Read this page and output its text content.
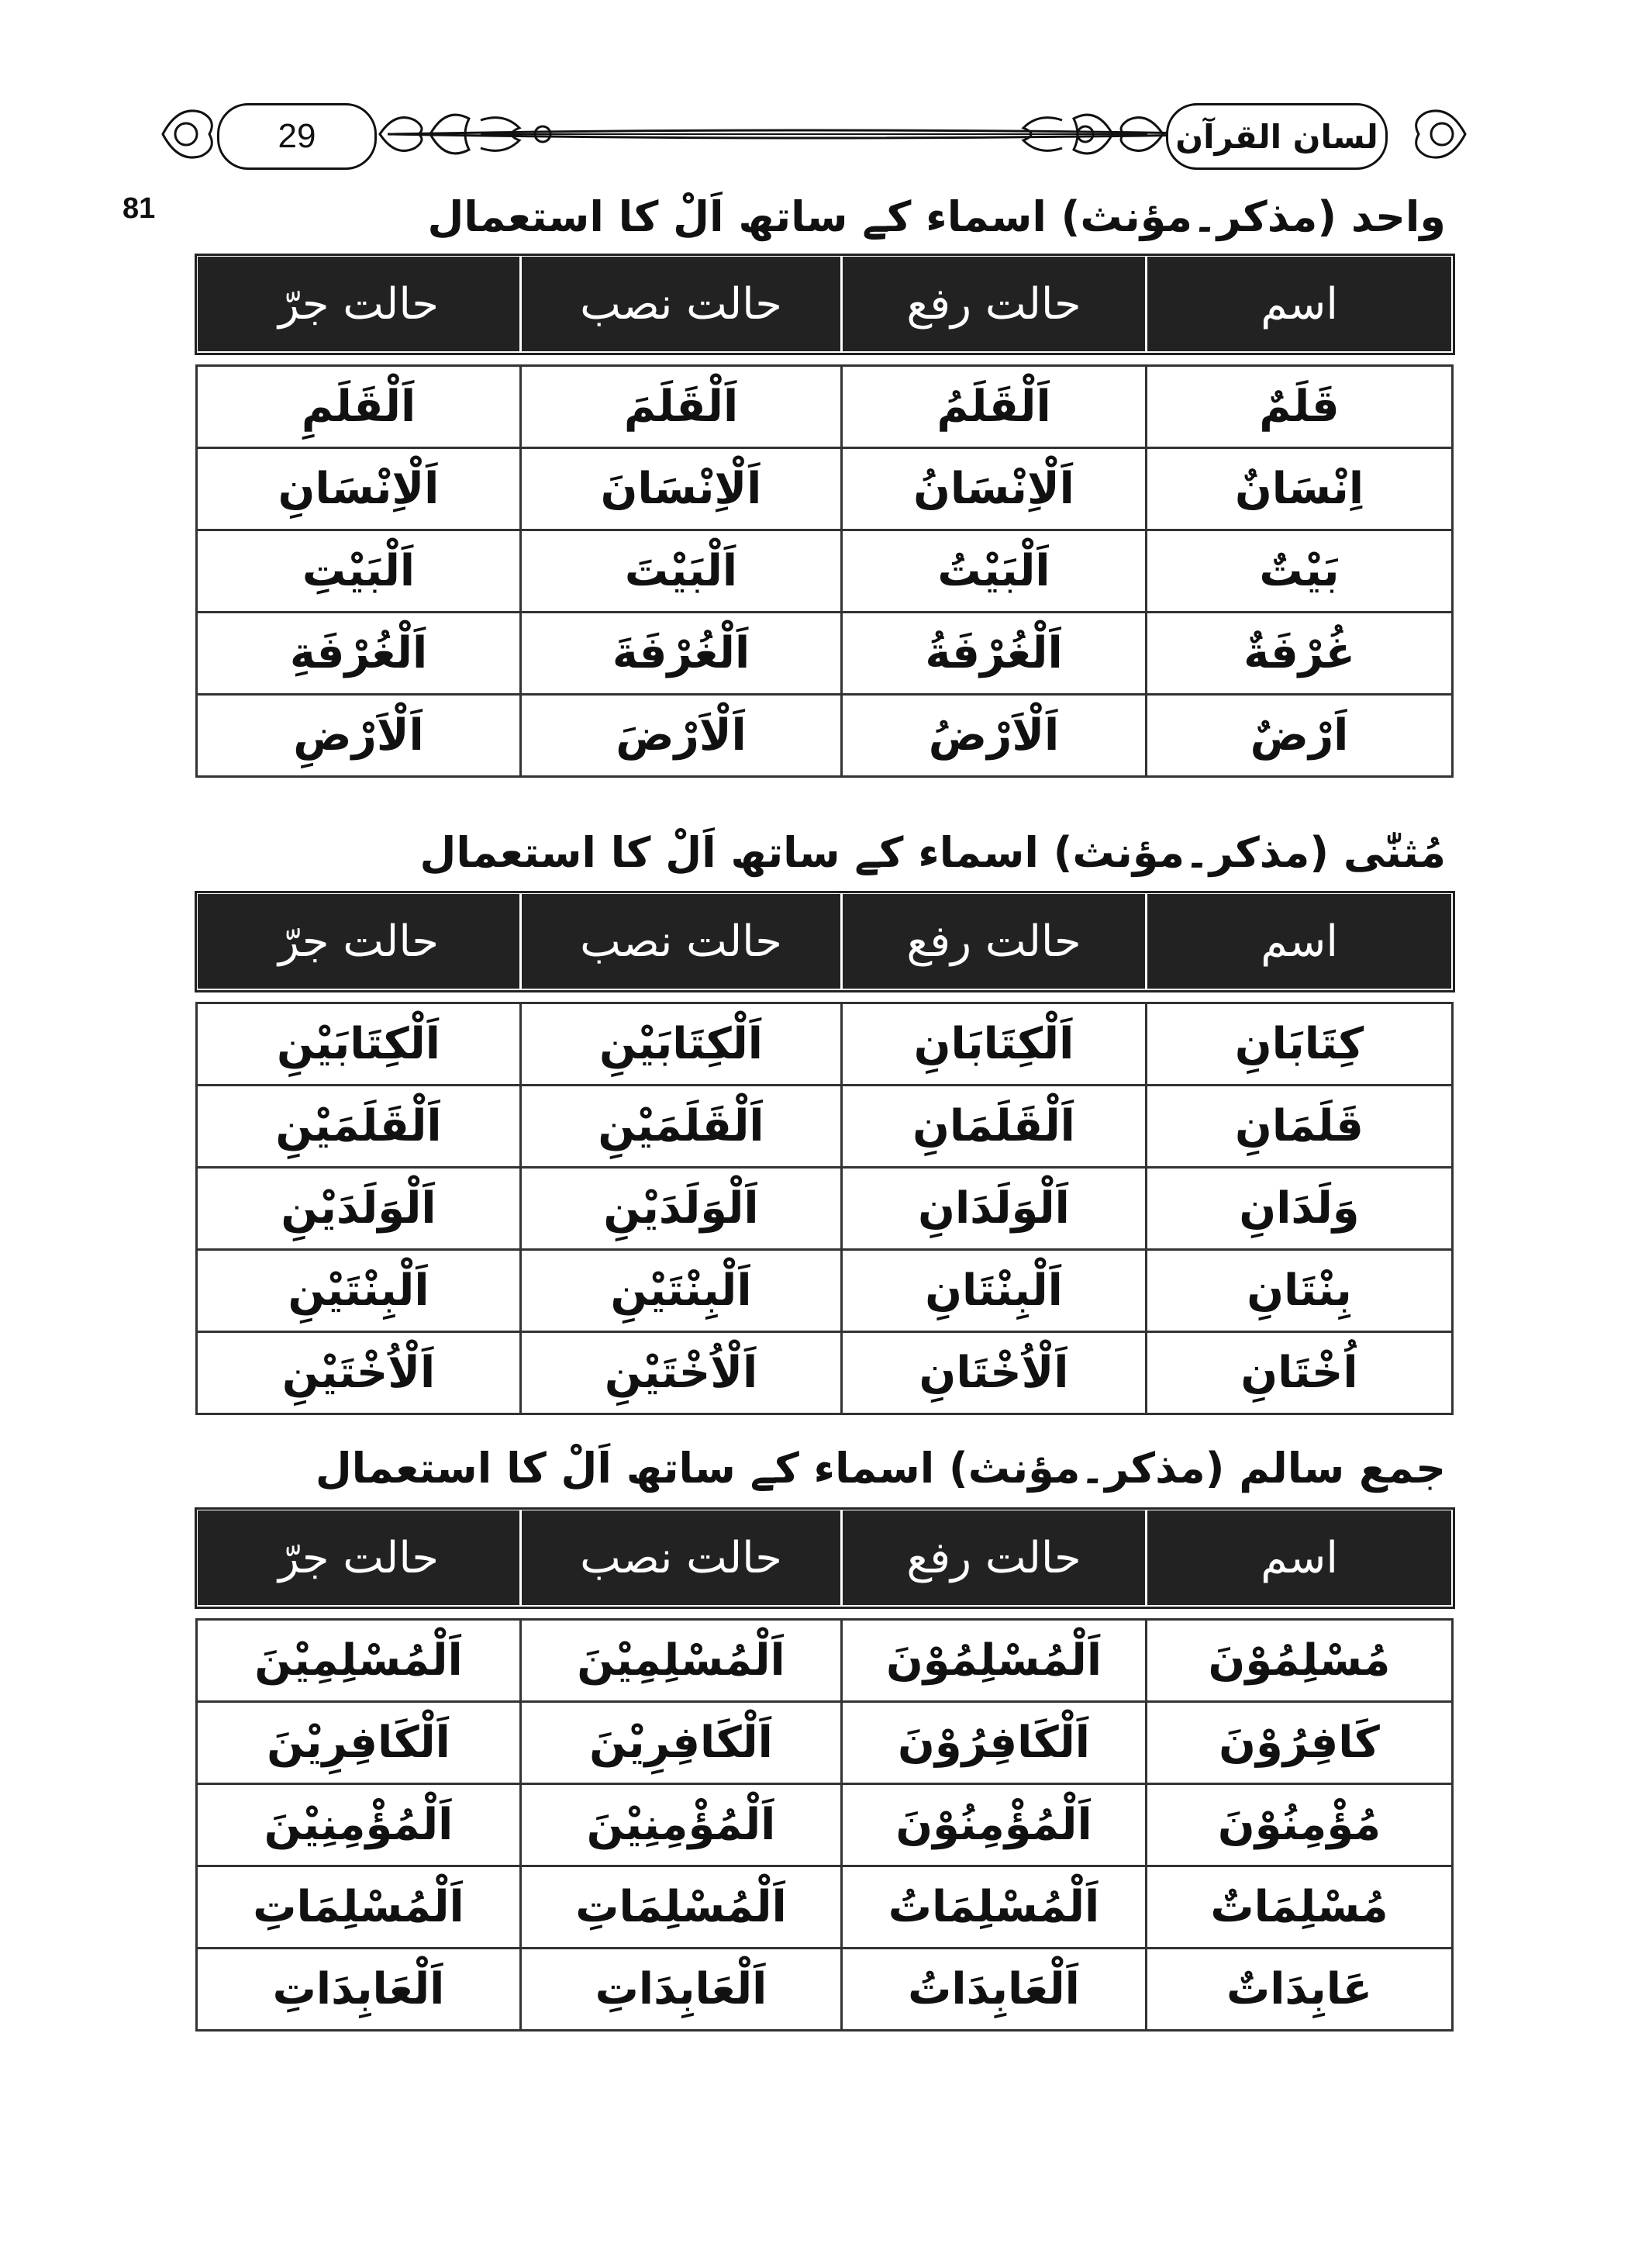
29	لسان القرآن
81	واحد (مذکر۔مؤنث) اسماء کے ساتھ اَلْ کا استعمال
اسم	حالت رفع	حالت نصب	حالت جرّ

قَلَمٌ	اَلْقَلَمُ	اَلْقَلَمَ	اَلْقَلَمِ
اِنْسَانٌ	اَلْاِنْسَانُ	اَلْاِنْسَانَ	اَلْاِنْسَانِ
بَيْتٌ	اَلْبَيْتُ	اَلْبَيْتَ	اَلْبَيْتِ
غُرْفَةٌ	اَلْغُرْفَةُ	اَلْغُرْفَةَ	اَلْغُرْفَةِ
اَرْضٌ	اَلْاَرْضُ	اَلْاَرْضَ	اَلْاَرْضِ
مُثنّٰی (مذکر۔مؤنث) اسماء کے ساتھ اَلْ کا استعمال
اسم	حالت رفع	حالت نصب	حالت جرّ

كِتَابَانِ	اَلْكِتَابَانِ	اَلْكِتَابَيْنِ	اَلْكِتَابَيْنِ
قَلَمَانِ	اَلْقَلَمَانِ	اَلْقَلَمَيْنِ	اَلْقَلَمَيْنِ
وَلَدَانِ	اَلْوَلَدَانِ	اَلْوَلَدَيْنِ	اَلْوَلَدَيْنِ
بِنْتَانِ	اَلْبِنْتَانِ	اَلْبِنْتَيْنِ	اَلْبِنْتَيْنِ
اُخْتَانِ	اَلْاُخْتَانِ	اَلْاُخْتَيْنِ	اَلْاُخْتَيْنِ
جمع سالم (مذکر۔مؤنث) اسماء کے ساتھ اَلْ کا استعمال
اسم	حالت رفع	حالت نصب	حالت جرّ

مُسْلِمُوْنَ	اَلْمُسْلِمُوْنَ	اَلْمُسْلِمِيْنَ	اَلْمُسْلِمِيْنَ
كَافِرُوْنَ	اَلْكَافِرُوْنَ	اَلْكَافِرِيْنَ	اَلْكَافِرِيْنَ
مُؤْمِنُوْنَ	اَلْمُؤْمِنُوْنَ	اَلْمُؤْمِنِيْنَ	اَلْمُؤْمِنِيْنَ
مُسْلِمَاتٌ	اَلْمُسْلِمَاتُ	اَلْمُسْلِمَاتِ	اَلْمُسْلِمَاتِ
عَابِدَاتٌ	اَلْعَابِدَاتُ	اَلْعَابِدَاتِ	اَلْعَابِدَاتِ
